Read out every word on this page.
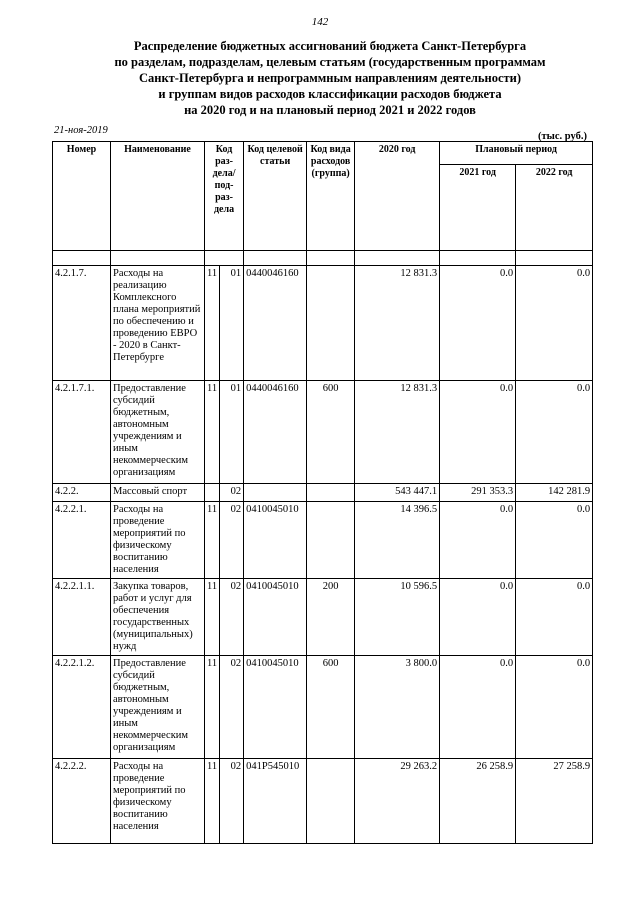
142
Распределение бюджетных ассигнований бюджета Санкт-Петербурга
по разделам, подразделам, целевым статьям (государственным программам
Санкт-Петербурга и непрограммным направлениям деятельности)
и группам видов расходов классификации расходов бюджета
на 2020 год и на плановый период 2021 и 2022 годов
21-ноя-2019
(тыс. руб.)
Номер	Наименование	Код раз- дела/ под- раз- дела		Код целевой статьи	Код вида расходов (группа)	2020 год	Плановый период	
							2021 год	2022 год

4.2.1.7.	Расходы на реализацию Комплексного плана мероприятий по обеспечению и проведению ЕВРО - 2020 в Санкт-Петербурге	11	01	0440046160		12 831.3	0.0	0.0
4.2.1.7.1.	Предоставление субсидий бюджетным, автономным учреждениям и иным некоммерческим организациям	11	01	0440046160	600	12 831.3	0.0	0.0
4.2.2.	Массовый спорт		02			543 447.1	291 353.3	142 281.9
4.2.2.1.	Расходы на проведение мероприятий по физическому воспитанию населения	11	02	0410045010		14 396.5	0.0	0.0
4.2.2.1.1.	Закупка товаров, работ и услуг для обеспечения государственных (муниципальных) нужд	11	02	0410045010	200	10 596.5	0.0	0.0
4.2.2.1.2.	Предоставление субсидий бюджетным, автономным учреждениям и иным некоммерческим организациям	11	02	0410045010	600	3 800.0	0.0	0.0
4.2.2.2.	Расходы на проведение мероприятий по физическому воспитанию населения	11	02	041P545010		29 263.2	26 258.9	27 258.9
